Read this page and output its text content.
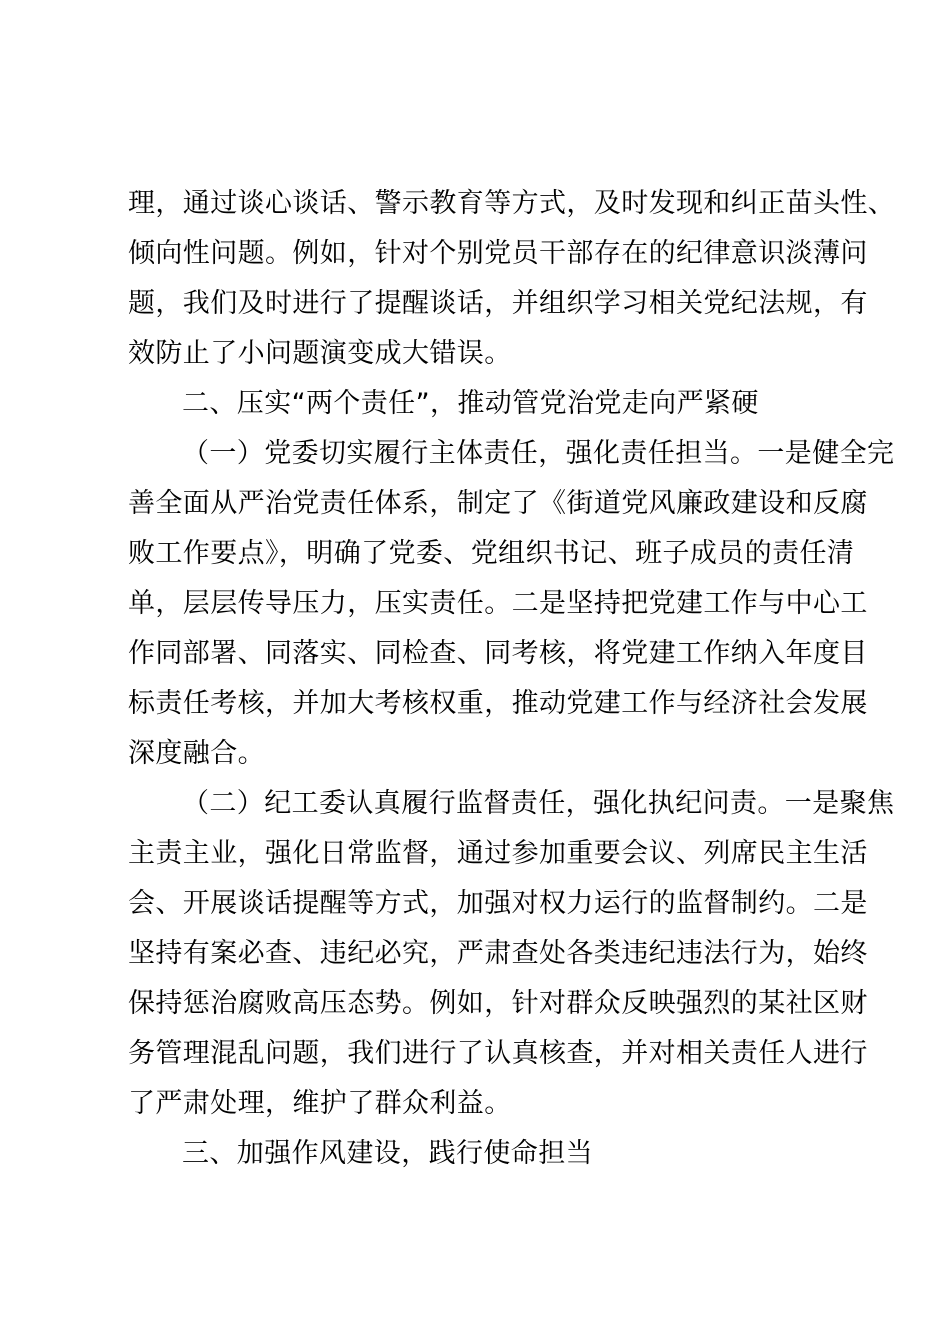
理，通过谈心谈话、警示教育等方式，及时发现和纠正苗头性、
倾向性问题。例如，针对个别党员干部存在的纪律意识淡薄问
题，我们及时进行了提醒谈话，并组织学习相关党纪法规，有
效防止了小问题演变成大错误。
二、压实“两个责任”，推动管党治党走向严紧硬
（一）党委切实履行主体责任，强化责任担当。一是健全完
善全面从严治党责任体系，制定了《街道党风廉政建设和反腐
败工作要点》，明确了党委、党组织书记、班子成员的责任清
单，层层传导压力，压实责任。二是坚持把党建工作与中心工
作同部署、同落实、同检查、同考核，将党建工作纳入年度目
标责任考核，并加大考核权重，推动党建工作与经济社会发展
深度融合。
（二）纪工委认真履行监督责任，强化执纪问责。一是聚焦
主责主业，强化日常监督，通过参加重要会议、列席民主生活
会、开展谈话提醒等方式，加强对权力运行的监督制约。二是
坚持有案必查、违纪必究，严肃查处各类违纪违法行为，始终
保持惩治腐败高压态势。例如，针对群众反映强烈的某社区财
务管理混乱问题，我们进行了认真核查，并对相关责任人进行
了严肃处理，维护了群众利益。
三、加强作风建设，践行使命担当
